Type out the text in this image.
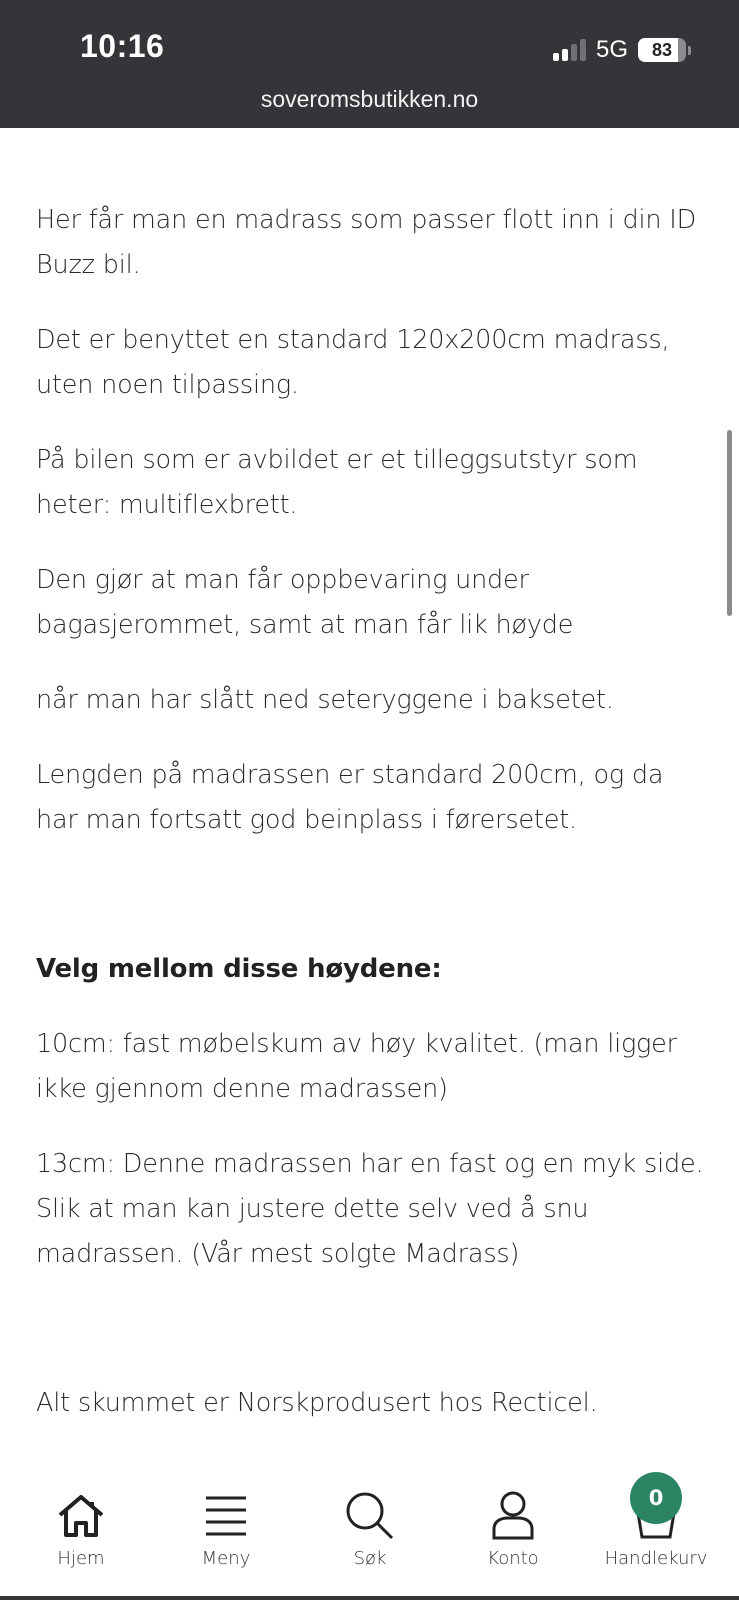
10:16	5G 83
soveromsbutikken.no

Her får man en madrass som passer flott inn i din ID Buzz bil.

Det er benyttet en standard 120x200cm madrass, uten noen tilpassing.

På bilen som er avbildet er et tilleggsutstyr som heter: multiflexbrett.

Den gjør at man får oppbevaring under bagasjerommet, samt at man får lik høyde

når man har slått ned seteryggene i baksetet.

Lengden på madrassen er standard 200cm, og da har man fortsatt god beinplass i førersetet.

Velg mellom disse høydene:

10cm: fast møbelskum av høy kvalitet. (man ligger ikke gjennom denne madrassen)

13cm: Denne madrassen har en fast og en myk side. Slik at man kan justere dette selv ved å snu madrassen. (Vår mest solgte Madrass)

Alt skummet er Norskprodusert hos Recticel.

Hjem	Meny	Søk	Konto	Handlekurv
0
